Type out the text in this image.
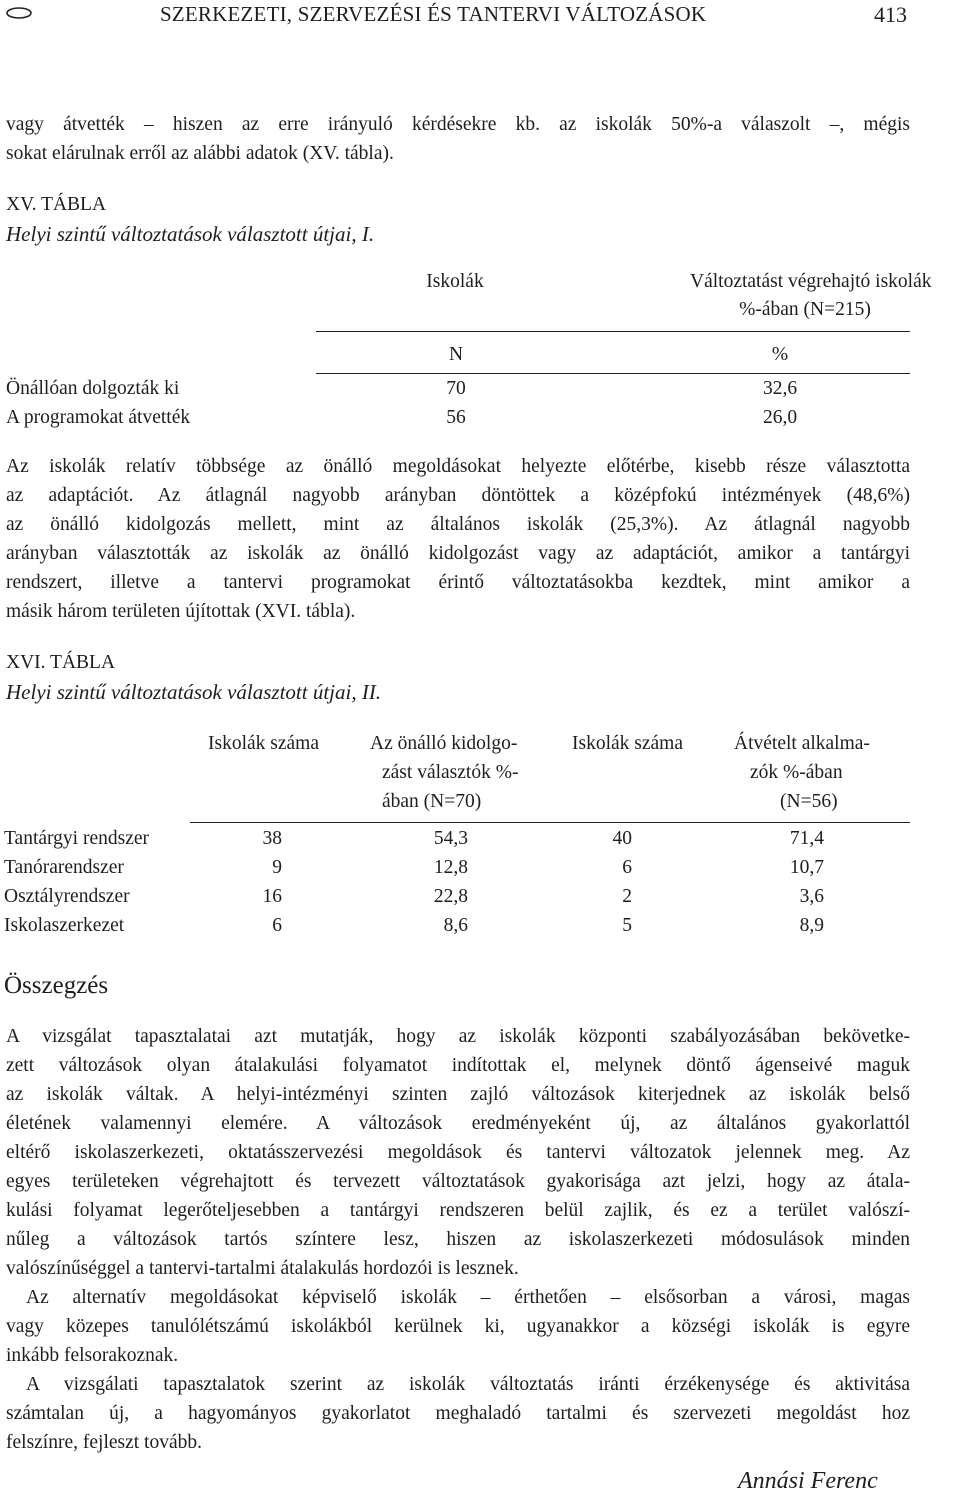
SZERKEZETI, SZERVEZÉSI ÉS TANTERVI VÁLTOZÁSOK	413
vagy átvették – hiszen az erre irányuló kérdésekre kb. az iskolák 50%-a válaszolt –, mégis
sokat elárulnak erről az alábbi adatok (XV. tábla).
XV. TÁBLA
Helyi szintű változtatások választott útjai, I.
Iskolák	Változtatást végrehajtó iskolák
%-ában (N=215)
N	%
Önállóan dolgozták ki	70	32,6
A programokat átvették	56	26,0
Az iskolák relatív többsége az önálló megoldásokat helyezte előtérbe, kisebb része választotta
az adaptációt. Az átlagnál nagyobb arányban döntöttek a középfokú intézmények (48,6%)
az önálló kidolgozás mellett, mint az általános iskolák (25,3%). Az átlagnál nagyobb
arányban választották az iskolák az önálló kidolgozást vagy az adaptációt, amikor a tantárgyi
rendszert, illetve a tantervi programokat érintő változtatásokba kezdtek, mint amikor a
másik három területen újítottak (XVI. tábla).
XVI. TÁBLA
Helyi szintű változtatások választott útjai, II.
Iskolák száma	Az önálló kidolgo-
zást választók %-
ában (N=70)
Iskolák száma	Átvételt alkalma-
zók %-ában
(N=56)
Tantárgyi rendszer	38	54,3	40	71,4
Tanórarendszer	9	12,8	6	10,7
Osztályrendszer	16	22,8	2	3,6
Iskolaszerkezet	6	8,6	5	8,9
Összegzés
A vizsgálat tapasztalatai azt mutatják, hogy az iskolák központi szabályozásában bekövetke-
zett változások olyan átalakulási folyamatot indítottak el, melynek döntő ágenseivé maguk
az iskolák váltak. A helyi-intézményi szinten zajló változások kiterjednek az iskolák belső
életének valamennyi elemére. A változások eredményeként új, az általános gyakorlattól
eltérő iskolaszerkezeti, oktatásszervezési megoldások és tantervi változatok jelennek meg. Az
egyes területeken végrehajtott és tervezett változtatások gyakorisága azt jelzi, hogy az átala-
kulási folyamat legerőteljesebben a tantárgyi rendszeren belül zajlik, és ez a terület valószí-
nűleg a változások tartós színtere lesz, hiszen az iskolaszerkezeti módosulások minden
valószínűséggel a tantervi-tartalmi átalakulás hordozói is lesznek.
Az alternatív megoldásokat képviselő iskolák – érthetően – elsősorban a városi, magas
vagy közepes tanulólétszámú iskolákból kerülnek ki, ugyanakkor a községi iskolák is egyre
inkább felsorakoznak.
A vizsgálati tapasztalatok szerint az iskolák változtatás iránti érzékenysége és aktivitása
számtalan új, a hagyományos gyakorlatot meghaladó tartalmi és szervezeti megoldást hoz
felszínre, fejleszt tovább.
Annási Ferenc
